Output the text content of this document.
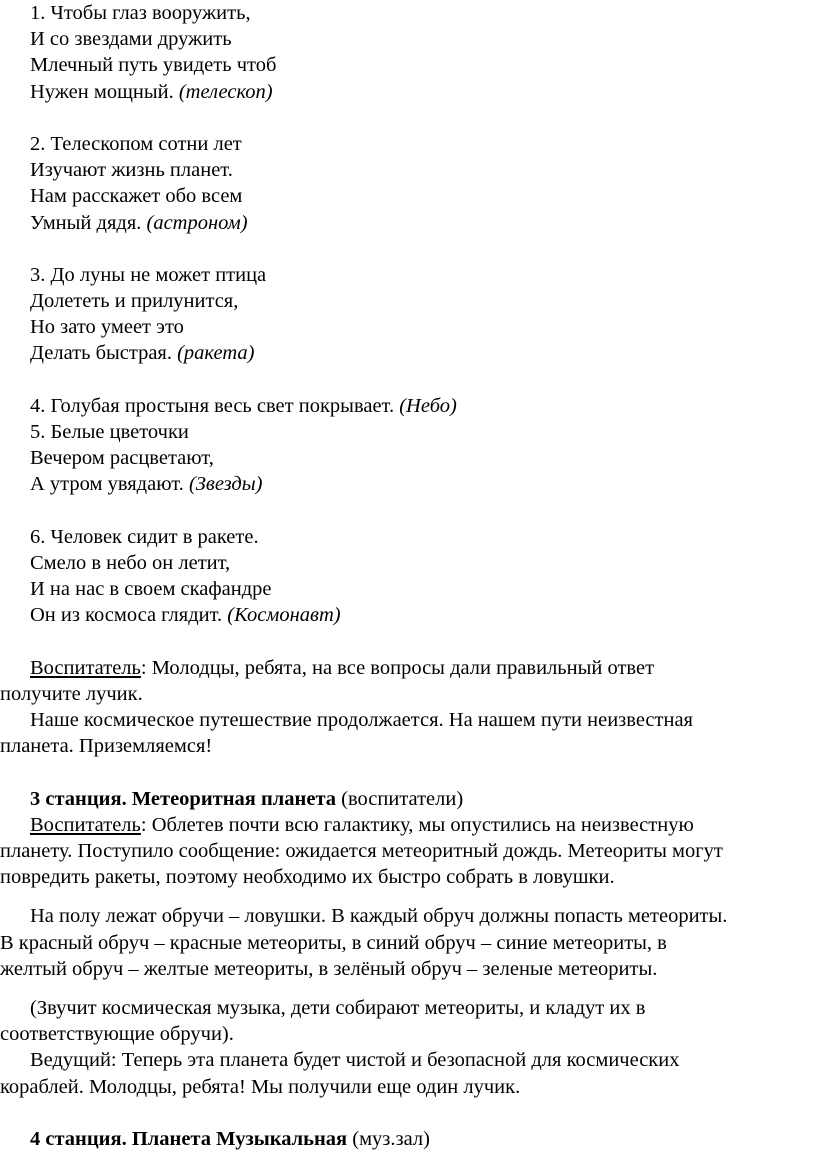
1. Чтобы глаз вооружить,
И со звездами дружить
Млечный путь увидеть чтоб
Нужен мощный. (телескоп)
2. Телескопом сотни лет
Изучают жизнь планет.
Нам расскажет обо всем
Умный дядя. (астроном)
3. До луны не может птица
Долететь и прилунится,
Но зато умеет это
Делать быстрая. (ракета)
4. Голубая простыня весь свет покрывает. (Небо)
5. Белые цветочки
Вечером расцветают,
А утром увядают. (Звезды)
6. Человек сидит в ракете.
Смело в небо он летит,
И на нас в своем скафандре
Он из космоса глядит. (Космонавт)
Воспитатель: Молодцы, ребята, на все вопросы дали правильный ответ
получите лучик.
Наше космическое путешествие продолжается. На нашем пути неизвестная
планета. Приземляемся!
3 станция. Метеоритная планета (воспитатели)
Воспитатель: Облетев почти всю галактику, мы опустились на неизвестную
планету. Поступило сообщение: ожидается метеоритный дождь. Метеориты могут
повредить ракеты, поэтому необходимо их быстро собрать в ловушки.
На полу лежат обручи – ловушки. В каждый обруч должны попасть метеориты.
В красный обруч – красные метеориты, в синий обруч – синие метеориты, в
желтый обруч – желтые метеориты, в зелёный обруч – зеленые метеориты.
(Звучит космическая музыка, дети собирают метеориты, и кладут их в
соответствующие обручи).
Ведущий: Теперь эта планета будет чистой и безопасной для космических
кораблей. Молодцы, ребята! Мы получили еще один лучик.
4 станция. Планета Музыкальная (муз.зал)
